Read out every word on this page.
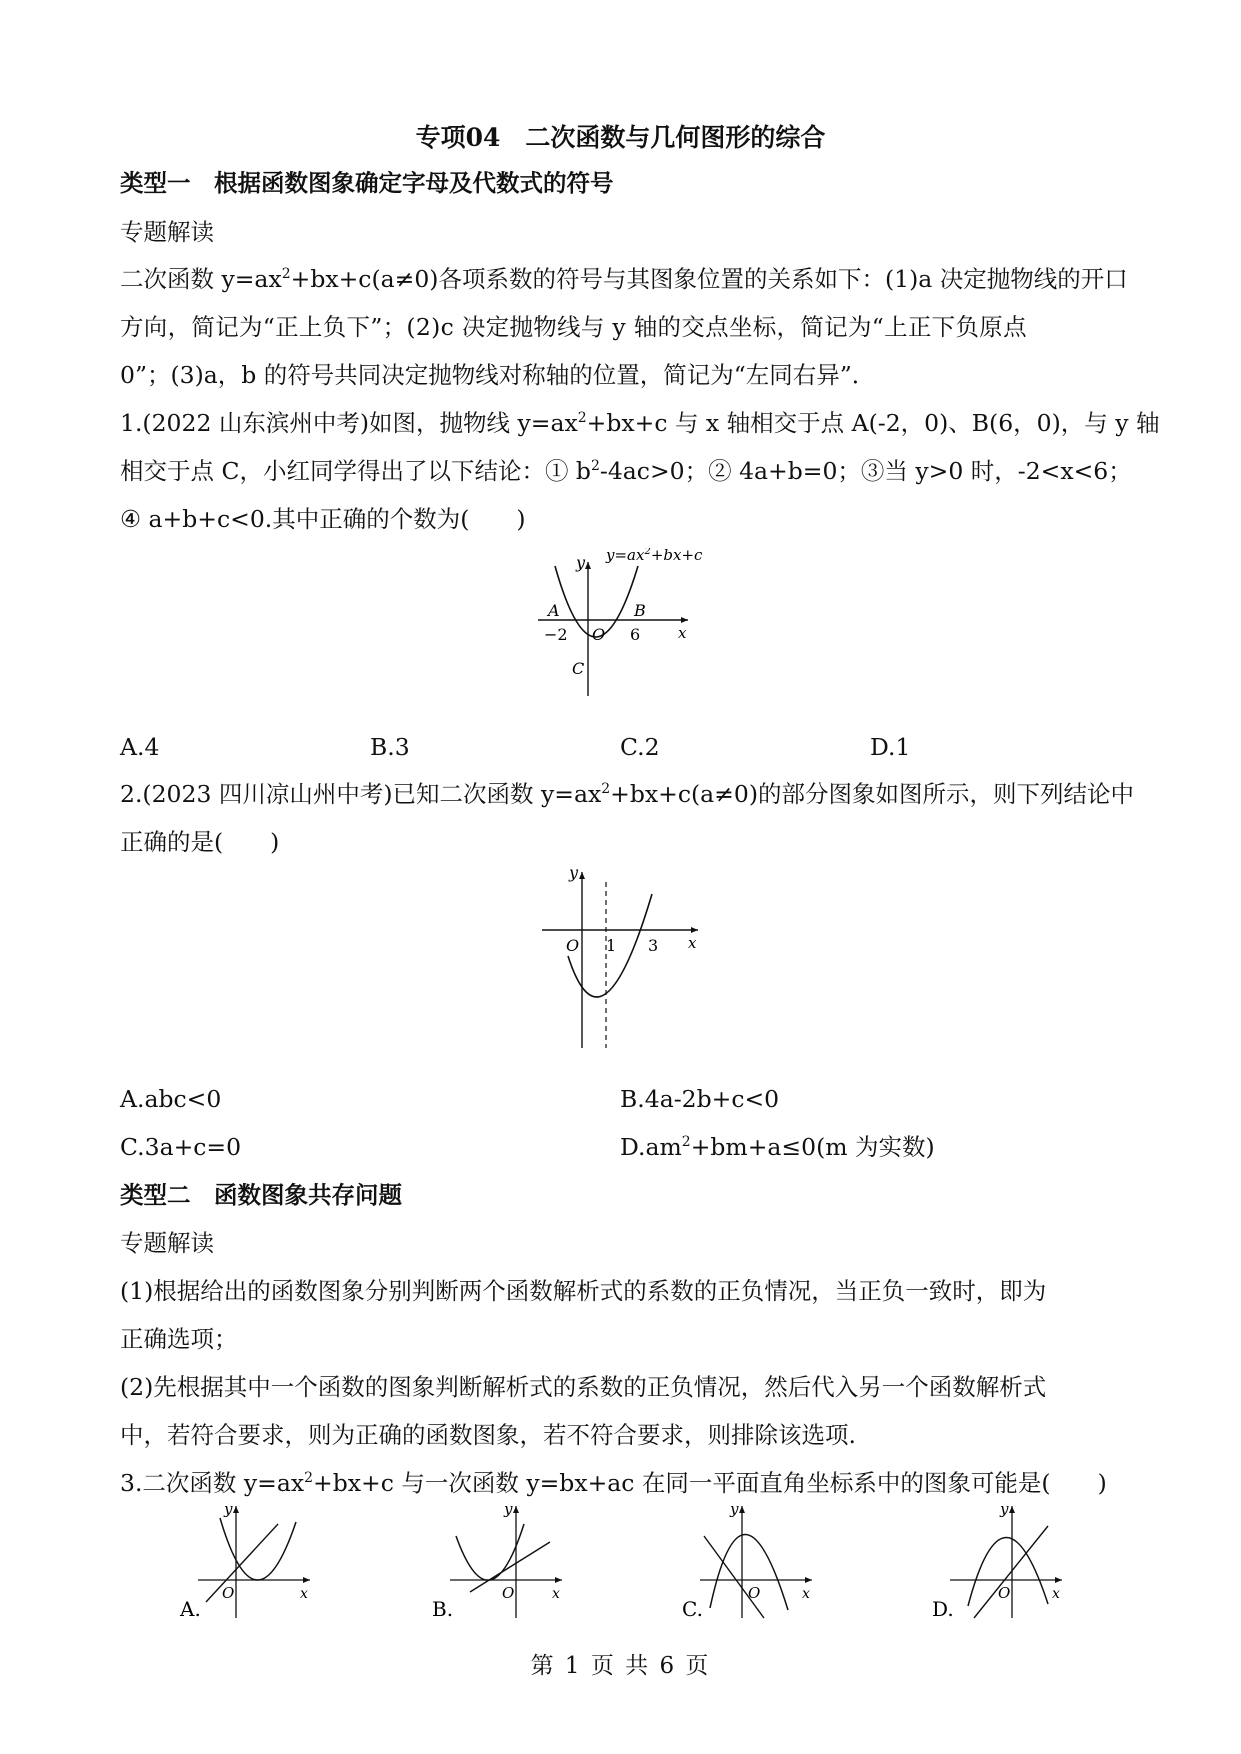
专项04　二次函数与几何图形的综合
类型一　根据函数图象确定字母及代数式的符号
专题解读
二次函数 $y=ax^2+bx+c(a\ne 0)$各项系数的符号与其图象位置的关系如下：(1)a 决定抛物线的开口
方向，简记为“正上负下”；(2)c 决定抛物线与 y 轴的交点坐标，简记为“上正下负原点
0”；(3)a，b 的符号共同决定抛物线对称轴的位置，简记为“左同右异”．
1.(2022 山东滨州中考)如图，抛物线 $y=ax^2+bx+c$ 与 x 轴相交于点 A(-2，0)、B(6，0)，与 y 轴
相交于点 C，小红同学得出了以下结论：① $b^2-4ac>0$；② 4a+b=0；③当 y>0 时，-2<x<6；
④ a+b+c<0.其中正确的个数为(　　)
y
x
$y=ax^2+bx+c$
A	B
−2 O 6
C
A.4	B.3	C.2	D.1
2.(2023 四川凉山州中考)已知二次函数 $y=ax^2+bx+c(a\ne 0)$的部分图象如图所示，则下列结论中
正确的是(　　)
y
x
O 1 3
A.abc<0	B.4a-2b+c<0
C.3a+c=0	$D.am^2+bm+a\le 0(m$ 为实数)
类型二　函数图象共存问题
专题解读
(1)根据给出的函数图象分别判断两个函数解析式的系数的正负情况，当正负一致时，即为
正确选项；
(2)先根据其中一个函数的图象判断解析式的系数的正负情况，然后代入另一个函数解析式
中，若符合要求，则为正确的函数图象，若不符合要求，则排除该选项.
3.二次函数 $y=ax^2+bx+c$ 与一次函数 y=bx+ac 在同一平面直角坐标系中的图象可能是(　　)
y
x
O
A.
y
x
O
B.
y
x
O
C.
y
x
O
D.
第 1 页 共 6 页
